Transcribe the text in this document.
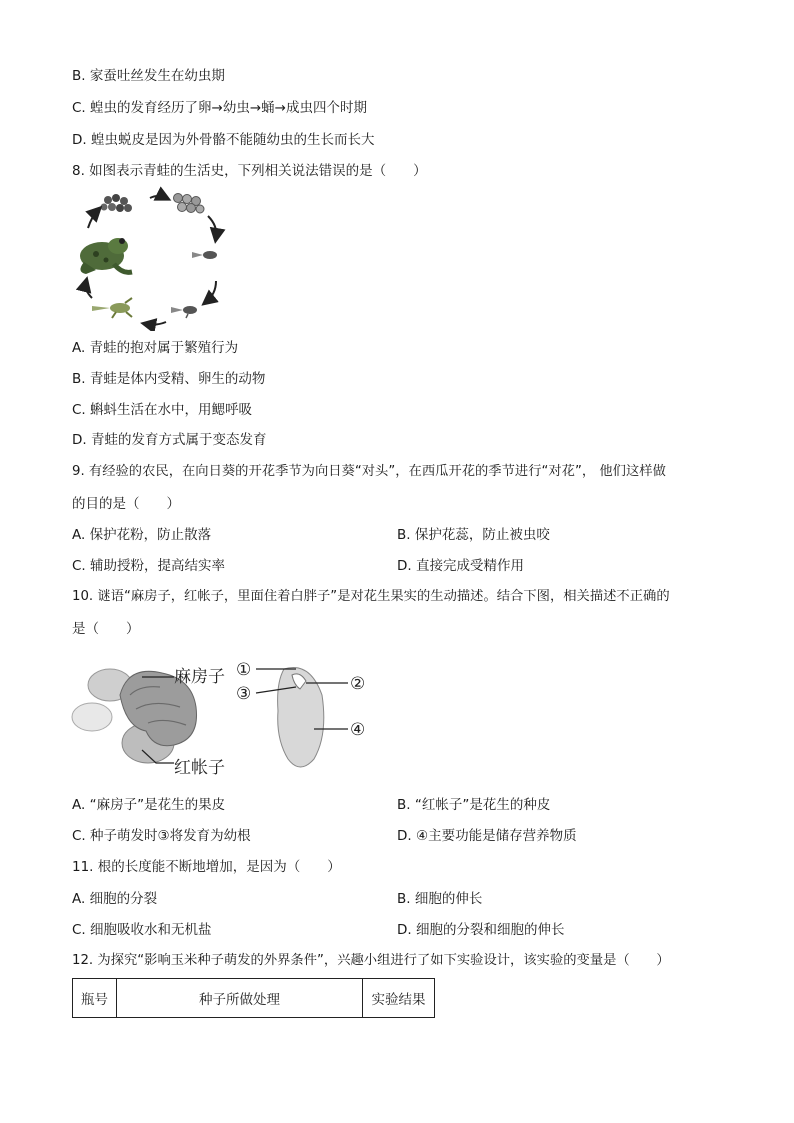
B. 家蚕吐丝发生在幼虫期
C. 蝗虫的发育经历了卵→幼虫→蛹→成虫四个时期
D. 蝗虫蜕皮是因为外骨骼不能随幼虫的生长而长大
8. 如图表示青蛙的生活史，下列相关说法错误的是（　　）
A. 青蛙的抱对属于繁殖行为
B. 青蛙是体内受精、卵生的动物
C. 蝌蚪生活在水中，用鳃呼吸
D. 青蛙的发育方式属于变态发育
9. 有经验的农民，在向日葵的开花季节为向日葵“对头”，在西瓜开花的季节进行“对花”， 他们这样做
的目的是（　　）
A. 保护花粉，防止散落	B. 保护花蕊，防止被虫咬
C. 辅助授粉，提高结实率	D. 直接完成受精作用
10. 谜语“麻房子，红帐子，里面住着白胖子”是对花生果实的生动描述。结合下图，相关描述不正确的
是（　　）
麻房子
红帐子
①
③	②
④
A. “麻房子”是花生的果皮	B. “红帐子”是花生的种皮
C. 种子萌发时③将发育为幼根	D. ④主要功能是储存营养物质
11. 根的长度能不断地增加，是因为（　　）
A. 细胞的分裂	B. 细胞的伸长
C. 细胞吸收水和无机盐	D. 细胞的分裂和细胞的伸长
12. 为探究“影响玉米种子萌发的外界条件”，兴趣小组进行了如下实验设计，该实验的变量是（　　）
瓶号	种子所做处理	实验结果
